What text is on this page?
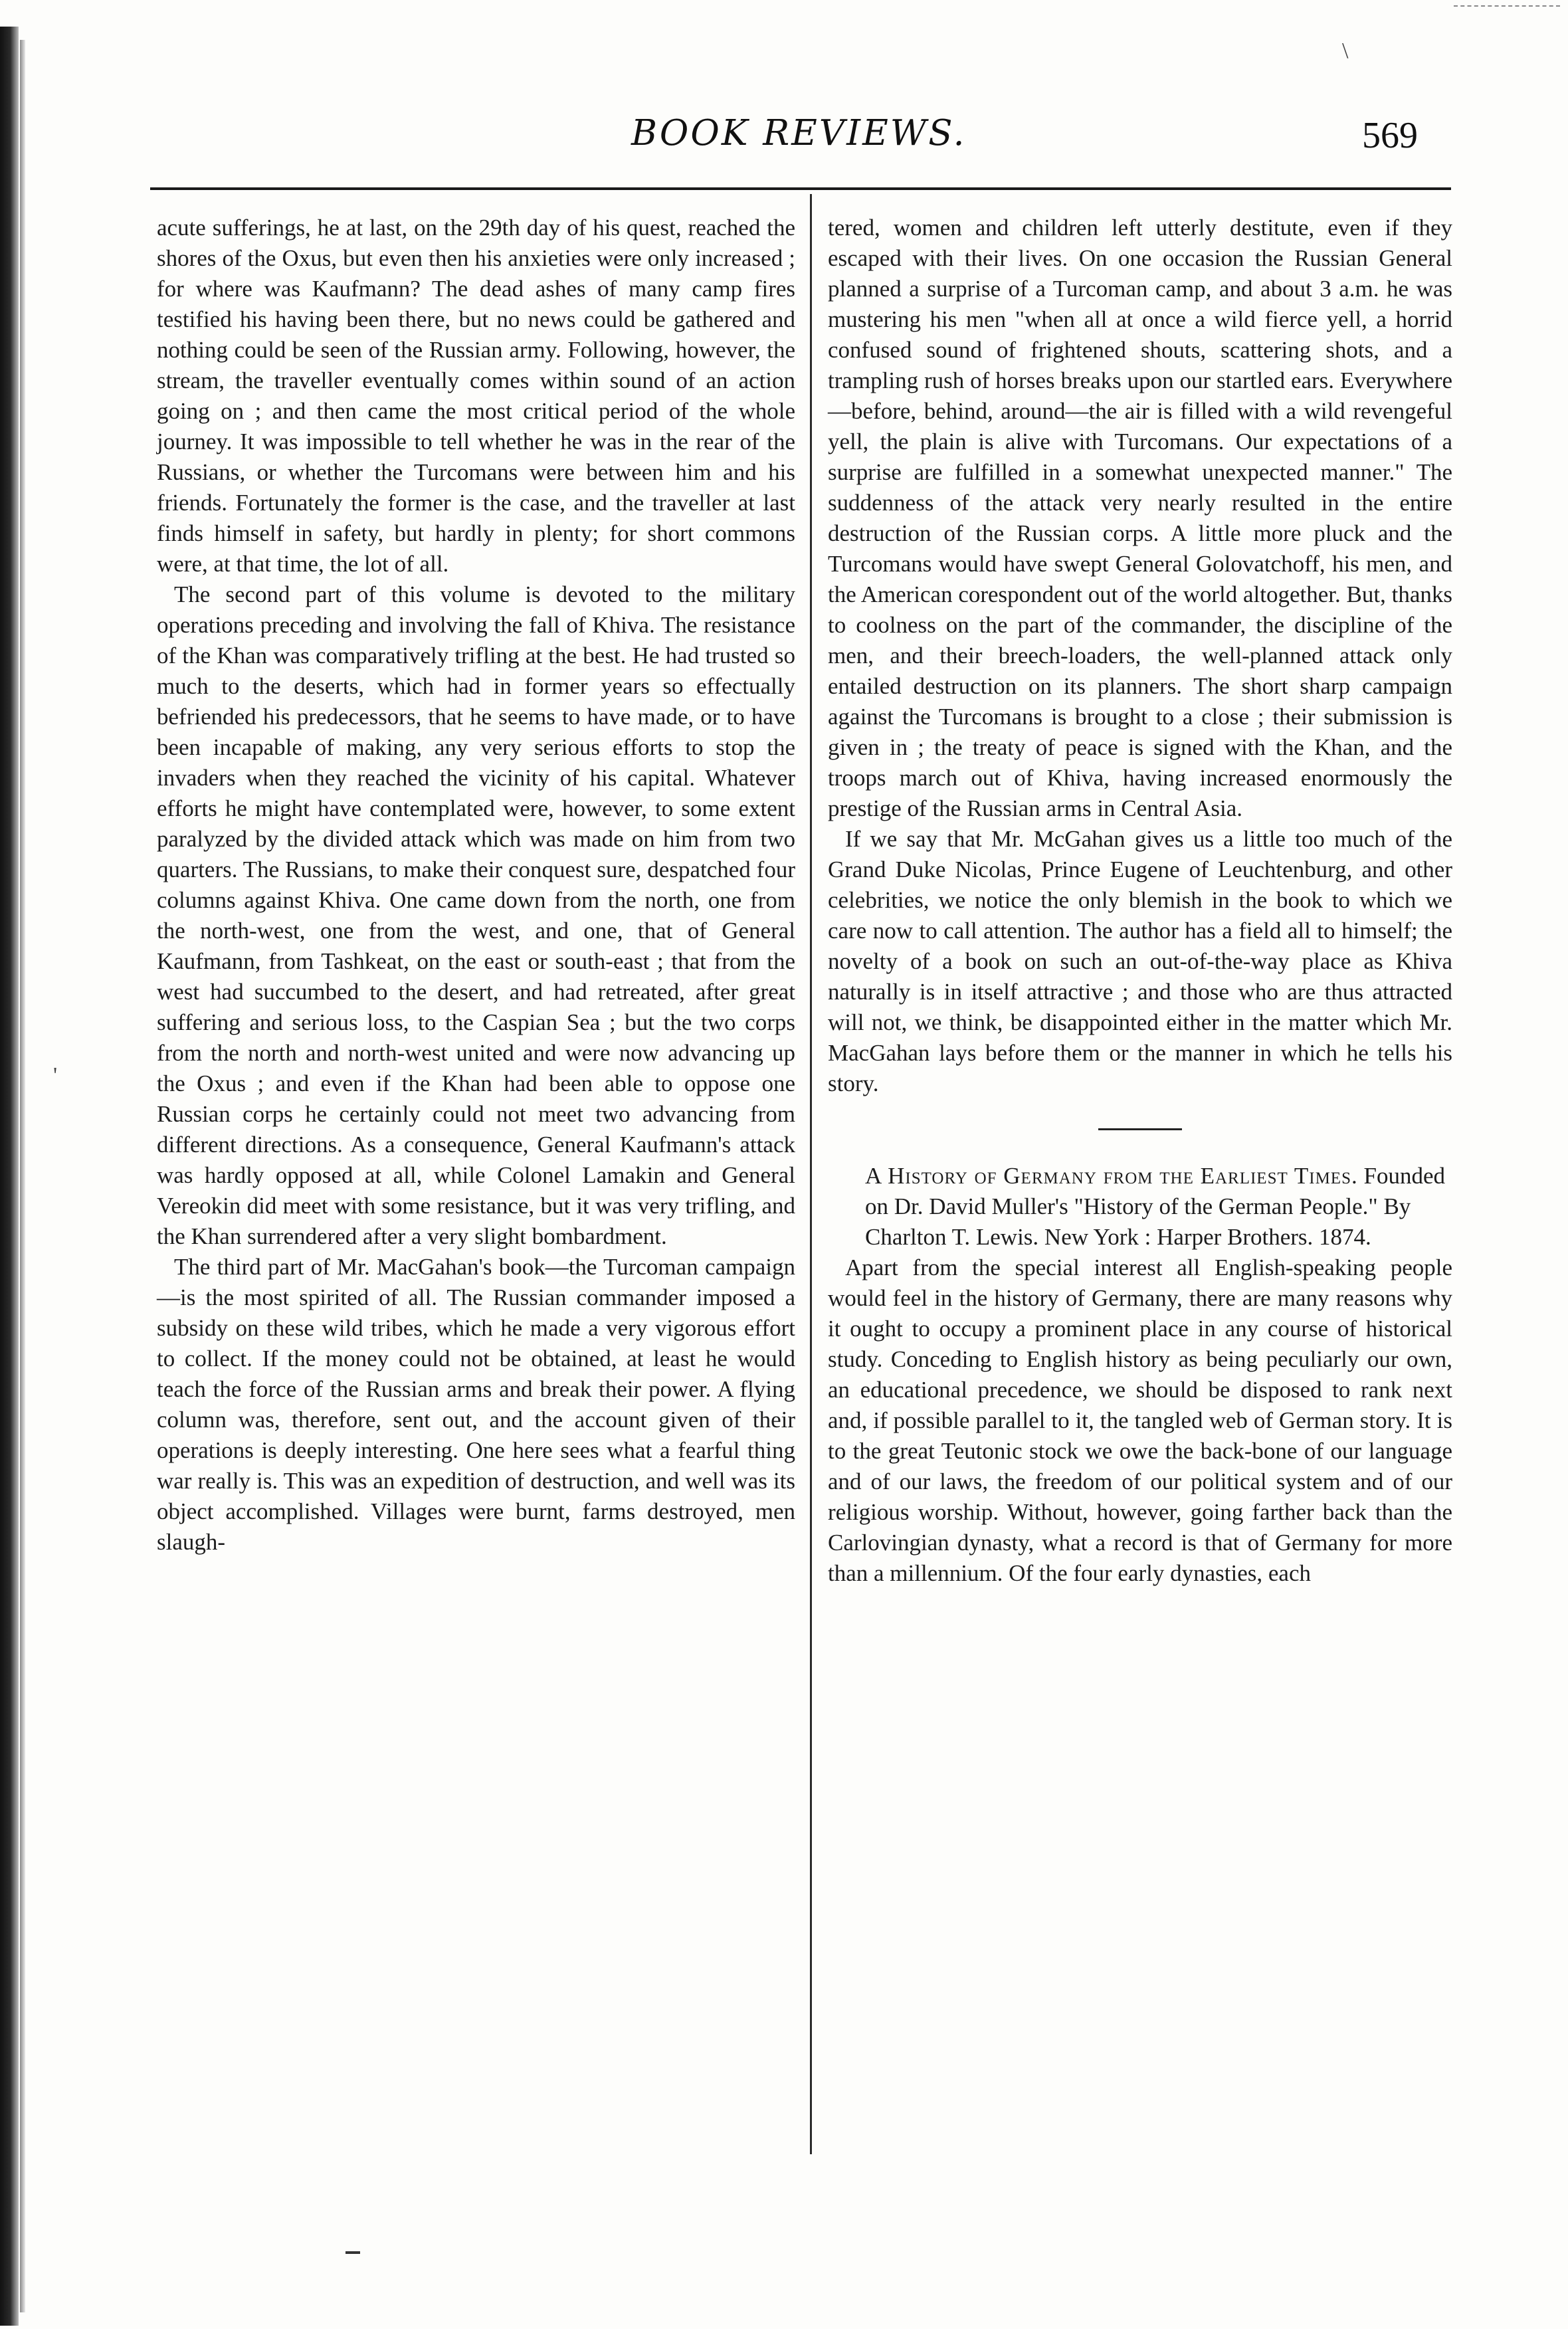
BOOK REVIEWS.	569

acute sufferings, he at last, on the 29th day of his quest, reached the shores of the Oxus, but even then his anxieties were only increased ; for where was Kaufmann? The dead ashes of many camp fires testified his having been there, but no news could be gathered and nothing could be seen of the Russian army. Following, however, the stream, the traveller eventually comes within sound of an action going on ; and then came the most critical period of the whole journey. It was impossible to tell whether he was in the rear of the Russians, or whether the Turcomans were between him and his friends. Fortunately the former is the case, and the traveller at last finds himself in safety, but hardly in plenty; for short commons were, at that time, the lot of all.

The second part of this volume is devoted to the military operations preceding and involving the fall of Khiva. The resistance of the Khan was comparatively trifling at the best. He had trusted so much to the deserts, which had in former years so effectually befriended his predecessors, that he seems to have made, or to have been incapable of making, any very serious efforts to stop the invaders when they reached the vicinity of his capital. Whatever efforts he might have contemplated were, however, to some extent paralyzed by the divided attack which was made on him from two quarters. The Russians, to make their conquest sure, despatched four columns against Khiva. One came down from the north, one from the north-west, one from the west, and one, that of General Kaufmann, from Tashkeat, on the east or south-east ; that from the west had succumbed to the desert, and had retreated, after great suffering and serious loss, to the Caspian Sea ; but the two corps from the north and north-west united and were now advancing up the Oxus ; and even if the Khan had been able to oppose one Russian corps he certainly could not meet two advancing from different directions. As a consequence, General Kaufmann's attack was hardly opposed at all, while Colonel Lamakin and General Vereokin did meet with some resistance, but it was very trifling, and the Khan surrendered after a very slight bombardment.

The third part of Mr. MacGahan's book—the Turcoman campaign—is the most spirited of all. The Russian commander imposed a subsidy on these wild tribes, which he made a very vigorous effort to collect. If the money could not be obtained, at least he would teach the force of the Russian arms and break their power. A flying column was, therefore, sent out, and the account given of their operations is deeply interesting. One here sees what a fearful thing war really is. This was an expedition of destruction, and well was its object accomplished. Villages were burnt, farms destroyed, men slaugh-

tered, women and children left utterly destitute, even if they escaped with their lives. On one occasion the Russian General planned a surprise of a Turcoman camp, and about 3 a.m. he was mustering his men "when all at once a wild fierce yell, a horrid confused sound of frightened shouts, scattering shots, and a trampling rush of horses breaks upon our startled ears. Everywhere—before, behind, around—the air is filled with a wild revengeful yell, the plain is alive with Turcomans. Our expectations of a surprise are fulfilled in a somewhat unexpected manner." The suddenness of the attack very nearly resulted in the entire destruction of the Russian corps. A little more pluck and the Turcomans would have swept General Golovatchoff, his men, and the American corespondent out of the world altogether. But, thanks to coolness on the part of the commander, the discipline of the men, and their breech-loaders, the well-planned attack only entailed destruction on its planners. The short sharp campaign against the Turcomans is brought to a close ; their submission is given in ; the treaty of peace is signed with the Khan, and the troops march out of Khiva, having increased enormously the prestige of the Russian arms in Central Asia.

If we say that Mr. McGahan gives us a little too much of the Grand Duke Nicolas, Prince Eugene of Leuchtenburg, and other celebrities, we notice the only blemish in the book to which we care now to call attention. The author has a field all to himself; the novelty of a book on such an out-of-the-way place as Khiva naturally is in itself attractive ; and those who are thus attracted will not, we think, be disappointed either in the matter which Mr. MacGahan lays before them or the manner in which he tells his story.

A History of Germany from the Earliest Times. Founded on Dr. David Muller's "History of the German People." By Charlton T. Lewis. New York : Harper Brothers. 1874.

Apart from the special interest all English-speaking people would feel in the history of Germany, there are many reasons why it ought to occupy a prominent place in any course of historical study. Conceding to English history as being peculiarly our own, an educational precedence, we should be disposed to rank next and, if possible parallel to it, the tangled web of German story. It is to the great Teutonic stock we owe the back-bone of our language and of our laws, the freedom of our political system and of our religious worship. Without, however, going farther back than the Carlovingian dynasty, what a record is that of Germany for more than a millennium. Of the four early dynasties, each

\
'
